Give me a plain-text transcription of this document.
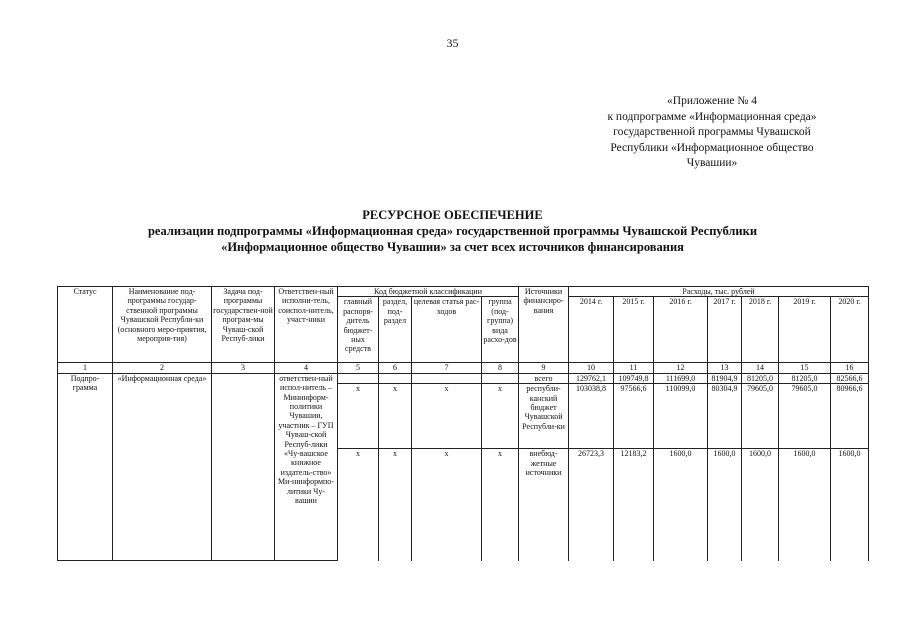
35
«Приложение № 4
к подпрограмме «Информационная среда»
государственной программы Чувашской
Республики «Информационное общество
Чувашии»
РЕСУРСНОЕ ОБЕСПЕЧЕНИЕ
реализации подпрограммы «Информационная среда» государственной программы Чувашской Республики
«Информационное общество Чувашии» за счет всех источников финансирования
Статус	Наименование под-программы государ-ственной программы Чувашской Республи-ки (основного меро-приятия, мероприя-тия)	Задача под-программы государствен-ной програм-мы Чуваш-ской Респуб-лики	Ответствен-ный исполни-тель, соиспол-нитель, участ-ники	Код бюджетной классификации				Источники финансиро-вания	Расходы, тыс. рублей						
				главный распоря-дитель бюджет-ных средств	раздел, под-раздел	целевая статья рас-ходов	группа (под-группа) вида расхо-дов		2014 г.	2015 г.	2016 г.	2017 г.	2018 г.	2019 г.	2020 г.
1	2	3	4	5	6	7	8	9	10	11	12	13	14	15	16
Подпро-грамма	«Информационная среда»		ответствен-ный испол-нитель – Мининформ-политики Чувашии, участник – ГУП Чуваш-ской Респуб-лики «Чу-вашское книжное издатель-ство» Ми-нинформпо-литики Чу-вашии					всего	129762,1	109749,8	111699,0	81904,9	81205,0	81205,0	82566,6
				х	х	х	х	республи-канский бюджет Чувашской Республи-ки	103038,8	97566,6	110099,0	80304,9	79605,0	79605,0	80966,6
				х	х	х	х	внебюд-жетные источники	26723,3	12183,2	1600,0	1600,0	1600,0	1600,0	1600,0
